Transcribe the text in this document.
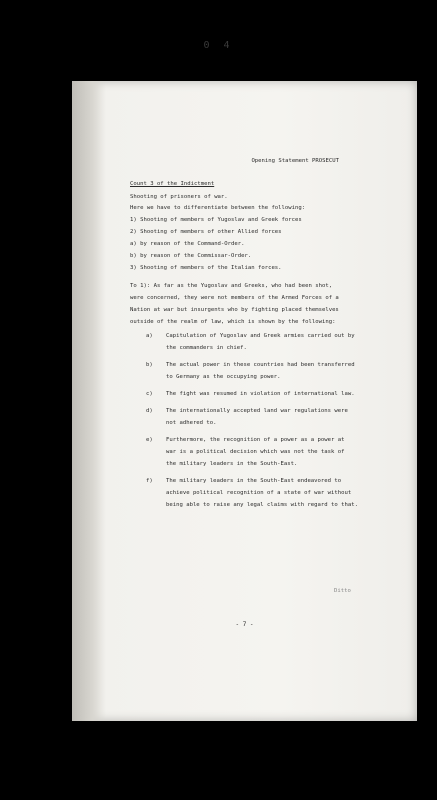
0 4
Opening Statement PROSECUT
Count 3 of the Indictment
Shooting of prisoners of war.
Here we have to differentiate between the following:
1) Shooting of members of Yugoslav and Greek forces
2) Shooting of members of other Allied forces
a) by reason of the Command-Order.
b) by reason of the Commissar-Order.
3) Shooting of members of the Italian forces.
To 1): As far as the Yugoslav and Greeks, who had been shot,
were concerned, they were not members of the Armed Forces of a
Nation at war but insurgents who by fighting placed themselves
outside of the realm of law, which is shown by the following:
a) Capitulation of Yugoslav and Greek armies carried out by
the commanders in chief.
b) The actual power in these countries had been transferred
to Germany as the occupying power.
c) The fight was resumed in violation of international law.
d) The internationally accepted land war regulations were
not adhered to.
e) Furthermore, the recognition of a power as a power at
war is a political decision which was not the task of
the military leaders in the South-East.
f) The military leaders in the South-East endeavored to
achieve political recognition of a state of war without
being able to raise any legal claims with regard to that.
Ditto
- 7 -
